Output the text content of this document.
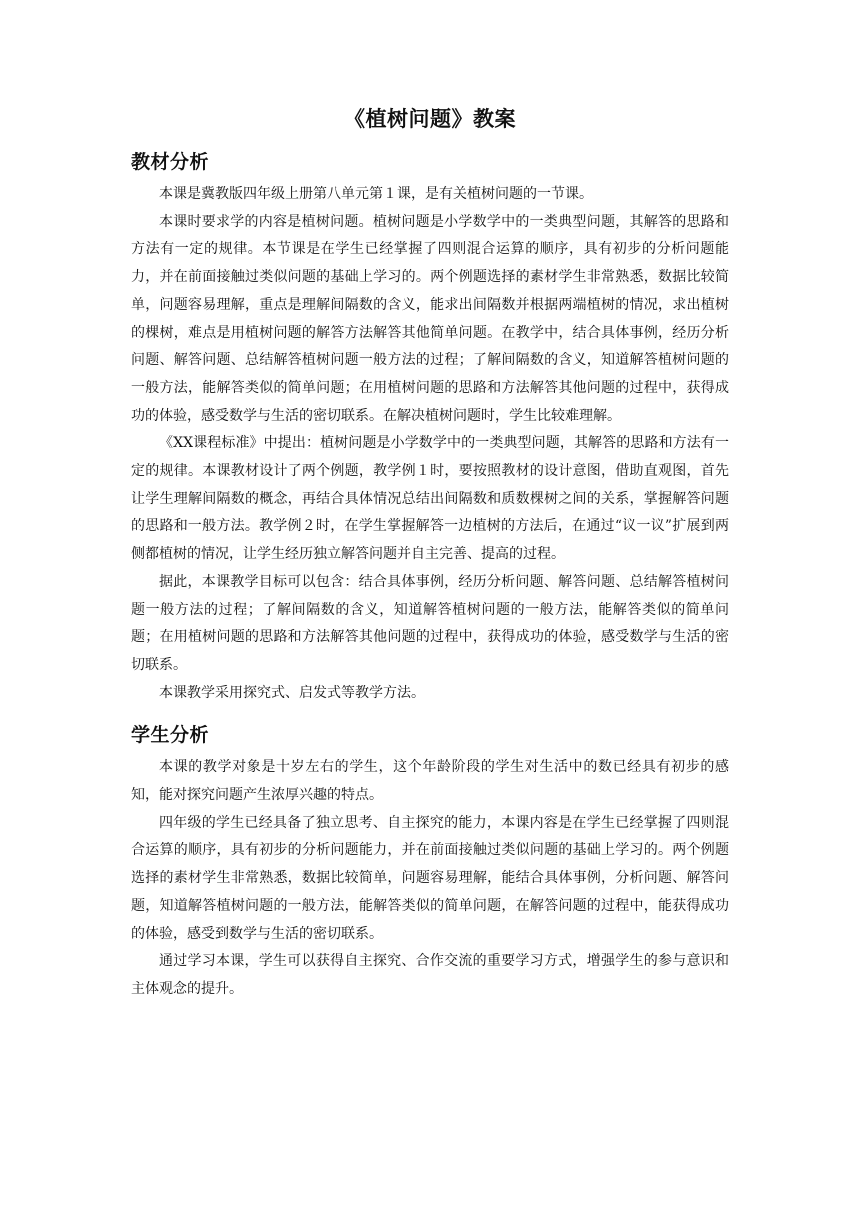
《植树问题》教案
教材分析

本课是冀教版四年级上册第八单元第１课，是有关植树问题的一节课。

本课时要求学的内容是植树问题。植树问题是小学数学中的一类典型问题，其解答的思路和方法有一定的规律。本节课是在学生已经掌握了四则混合运算的顺序，具有初步的分析问题能力，并在前面接触过类似问题的基础上学习的。两个例题选择的素材学生非常熟悉，数据比较简单，问题容易理解，重点是理解间隔数的含义，能求出间隔数并根据两端植树的情况，求出植树的棵树，难点是用植树问题的解答方法解答其他简单问题。在教学中，结合具体事例，经历分析问题、解答问题、总结解答植树问题一般方法的过程；了解间隔数的含义，知道解答植树问题的一般方法，能解答类似的简单问题；在用植树问题的思路和方法解答其他问题的过程中，获得成功的体验，感受数学与生活的密切联系。在解决植树问题时，学生比较难理解。

《XX课程标准》中提出：植树问题是小学数学中的一类典型问题，其解答的思路和方法有一定的规律。本课教材设计了两个例题，教学例１时，要按照教材的设计意图，借助直观图，首先让学生理解间隔数的概念，再结合具体情况总结出间隔数和质数棵树之间的关系，掌握解答问题的思路和一般方法。教学例２时，在学生掌握解答一边植树的方法后，在通过“议一议”扩展到两侧都植树的情况，让学生经历独立解答问题并自主完善、提高的过程。

据此，本课教学目标可以包含：结合具体事例，经历分析问题、解答问题、总结解答植树问题一般方法的过程；了解间隔数的含义，知道解答植树问题的一般方法，能解答类似的简单问题；在用植树问题的思路和方法解答其他问题的过程中，获得成功的体验，感受数学与生活的密切联系。

本课教学采用探究式、启发式等教学方法。

学生分析

本课的教学对象是十岁左右的学生，这个年龄阶段的学生对生活中的数已经具有初步的感知，能对探究问题产生浓厚兴趣的特点。

四年级的学生已经具备了独立思考、自主探究的能力，本课内容是在学生已经掌握了四则混合运算的顺序，具有初步的分析问题能力，并在前面接触过类似问题的基础上学习的。两个例题选择的素材学生非常熟悉，数据比较简单，问题容易理解，能结合具体事例，分析问题、解答问题，知道解答植树问题的一般方法，能解答类似的简单问题，在解答问题的过程中，能获得成功的体验，感受到数学与生活的密切联系。

通过学习本课，学生可以获得自主探究、合作交流的重要学习方式，增强学生的参与意识和主体观念的提升。
